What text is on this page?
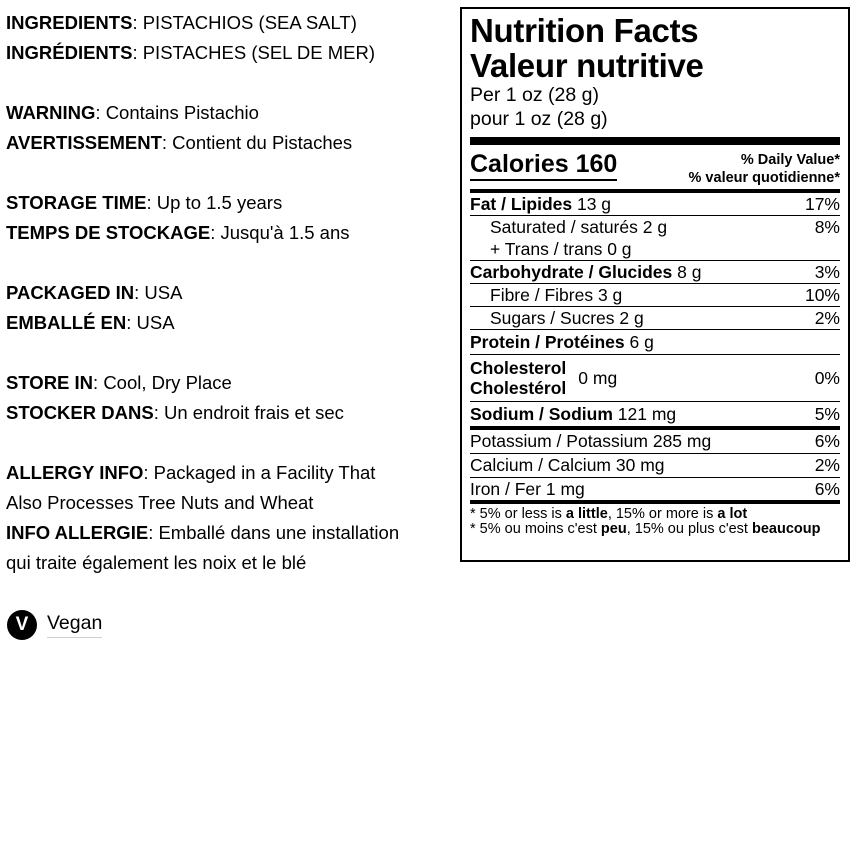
INGREDIENTS: PISTACHIOS (SEA SALT)
INGRÉDIENTS: PISTACHES (SEL DE MER)
WARNING: Contains Pistachio
AVERTISSEMENT: Contient du Pistaches
STORAGE TIME: Up to 1.5 years
TEMPS DE STOCKAGE: Jusqu'à 1.5 ans
PACKAGED IN: USA
EMBALLÉ EN: USA
STORE IN: Cool, Dry Place
STOCKER DANS: Un endroit frais et sec
ALLERGY INFO: Packaged in a Facility That
Also Processes Tree Nuts and Wheat
INFO ALLERGIE: Emballé dans une installation
qui traite également les noix et le blé
V Vegan
Nutrition Facts
Valeur nutritive
Per 1 oz (28 g)
pour 1 oz (28 g)
Calories 160	% Daily Value*
% valeur quotidienne*
Fat / Lipides 13 g	17%
Saturated / saturés 2 g	8%
+ Trans / trans 0 g
Carbohydrate / Glucides 8 g	3%
Fibre / Fibres 3 g	10%
Sugars / Sucres 2 g	2%
Protein / Protéines 6 g
Cholesterol
Cholestérol
0 mg	0%
Sodium / Sodium 121 mg	5%
Potassium / Potassium 285 mg	6%
Calcium / Calcium 30 mg	2%
Iron / Fer 1 mg	6%
* 5% or less is a little, 15% or more is a lot
* 5% ou moins c'est peu, 15% ou plus c'est beaucoup
